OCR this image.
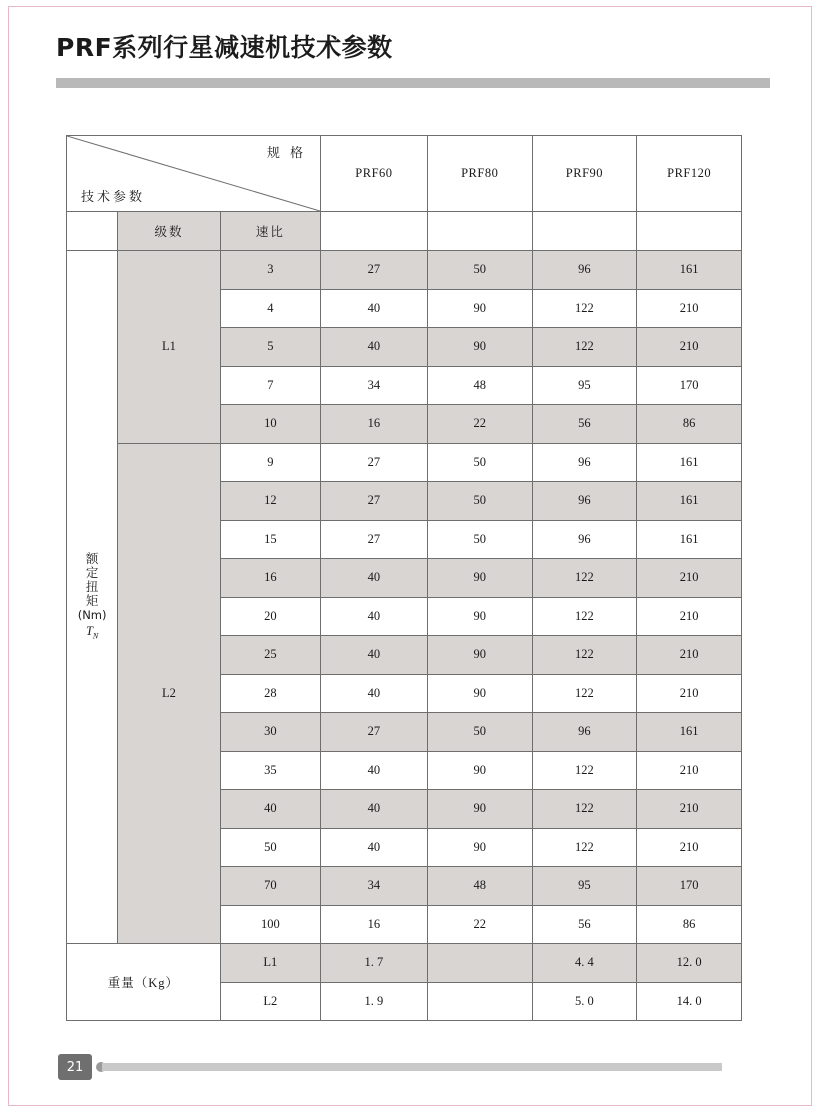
PRF系列行星减速机技术参数
规 格
技术参数			PRF60	PRF80	PRF90	PRF120
	级数	速比				

额
定
扭
矩
(Nm)
$T_N$
	L1	3	27	50	96	161
		4	40	90	122	210
		5	40	90	122	210
		7	34	48	95	170
		10	16	22	56	86
	L2	9	27	50	96	161
		12	27	50	96	161
		15	27	50	96	161
		16	40	90	122	210
		20	40	90	122	210
		25	40	90	122	210
		28	40	90	122	210
		30	27	50	96	161
		35	40	90	122	210
		40	40	90	122	210
		50	40	90	122	210
		70	34	48	95	170
		100	16	22	56	86
重量（Kg）		L1	1. 7		4. 4	12. 0
		L2	1. 9		5. 0	14. 0
21
